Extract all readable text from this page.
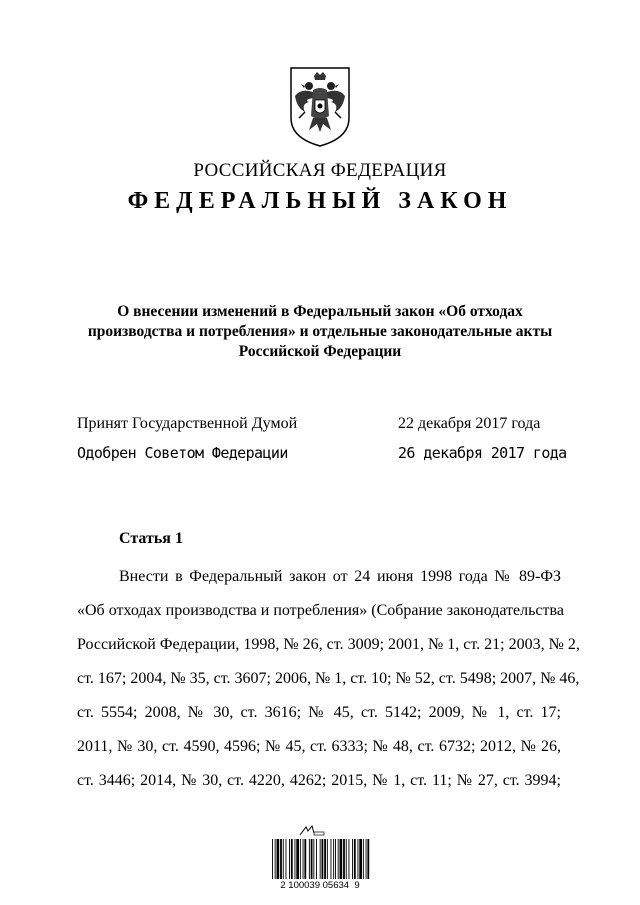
РОССИЙСКАЯ ФЕДЕРАЦИЯ
ФЕДЕРАЛЬНЫЙ ЗАКОН
О внесении изменений в Федеральный закон «Об отходах
производства и потребления» и отдельные законодательные акты
Российской Федерации
Принят Государственной Думой	22 декабря 2017 года
Одобрен Советом Федерации	26 декабря 2017 года
Статья 1
Внести в Федеральный закон от 24 июня 1998 года № 89-ФЗ
«Об отходах производства и потребления» (Собрание законодательства
Российской Федерации, 1998, № 26, ст. 3009; 2001, № 1, ст. 21; 2003, № 2,
ст. 167; 2004, № 35, ст. 3607; 2006, № 1, ст. 10; № 52, ст. 5498; 2007, № 46,
ст. 5554; 2008, № 30, ст. 3616; № 45, ст. 5142; 2009, № 1, ст. 17;
2011, № 30, ст. 4590, 4596; № 45, ст. 6333; № 48, ст. 6732; 2012, № 26,
ст. 3446; 2014, № 30, ст. 4220, 4262; 2015, № 1, ст. 11; № 27, ст. 3994;
2 100039 05634  9
